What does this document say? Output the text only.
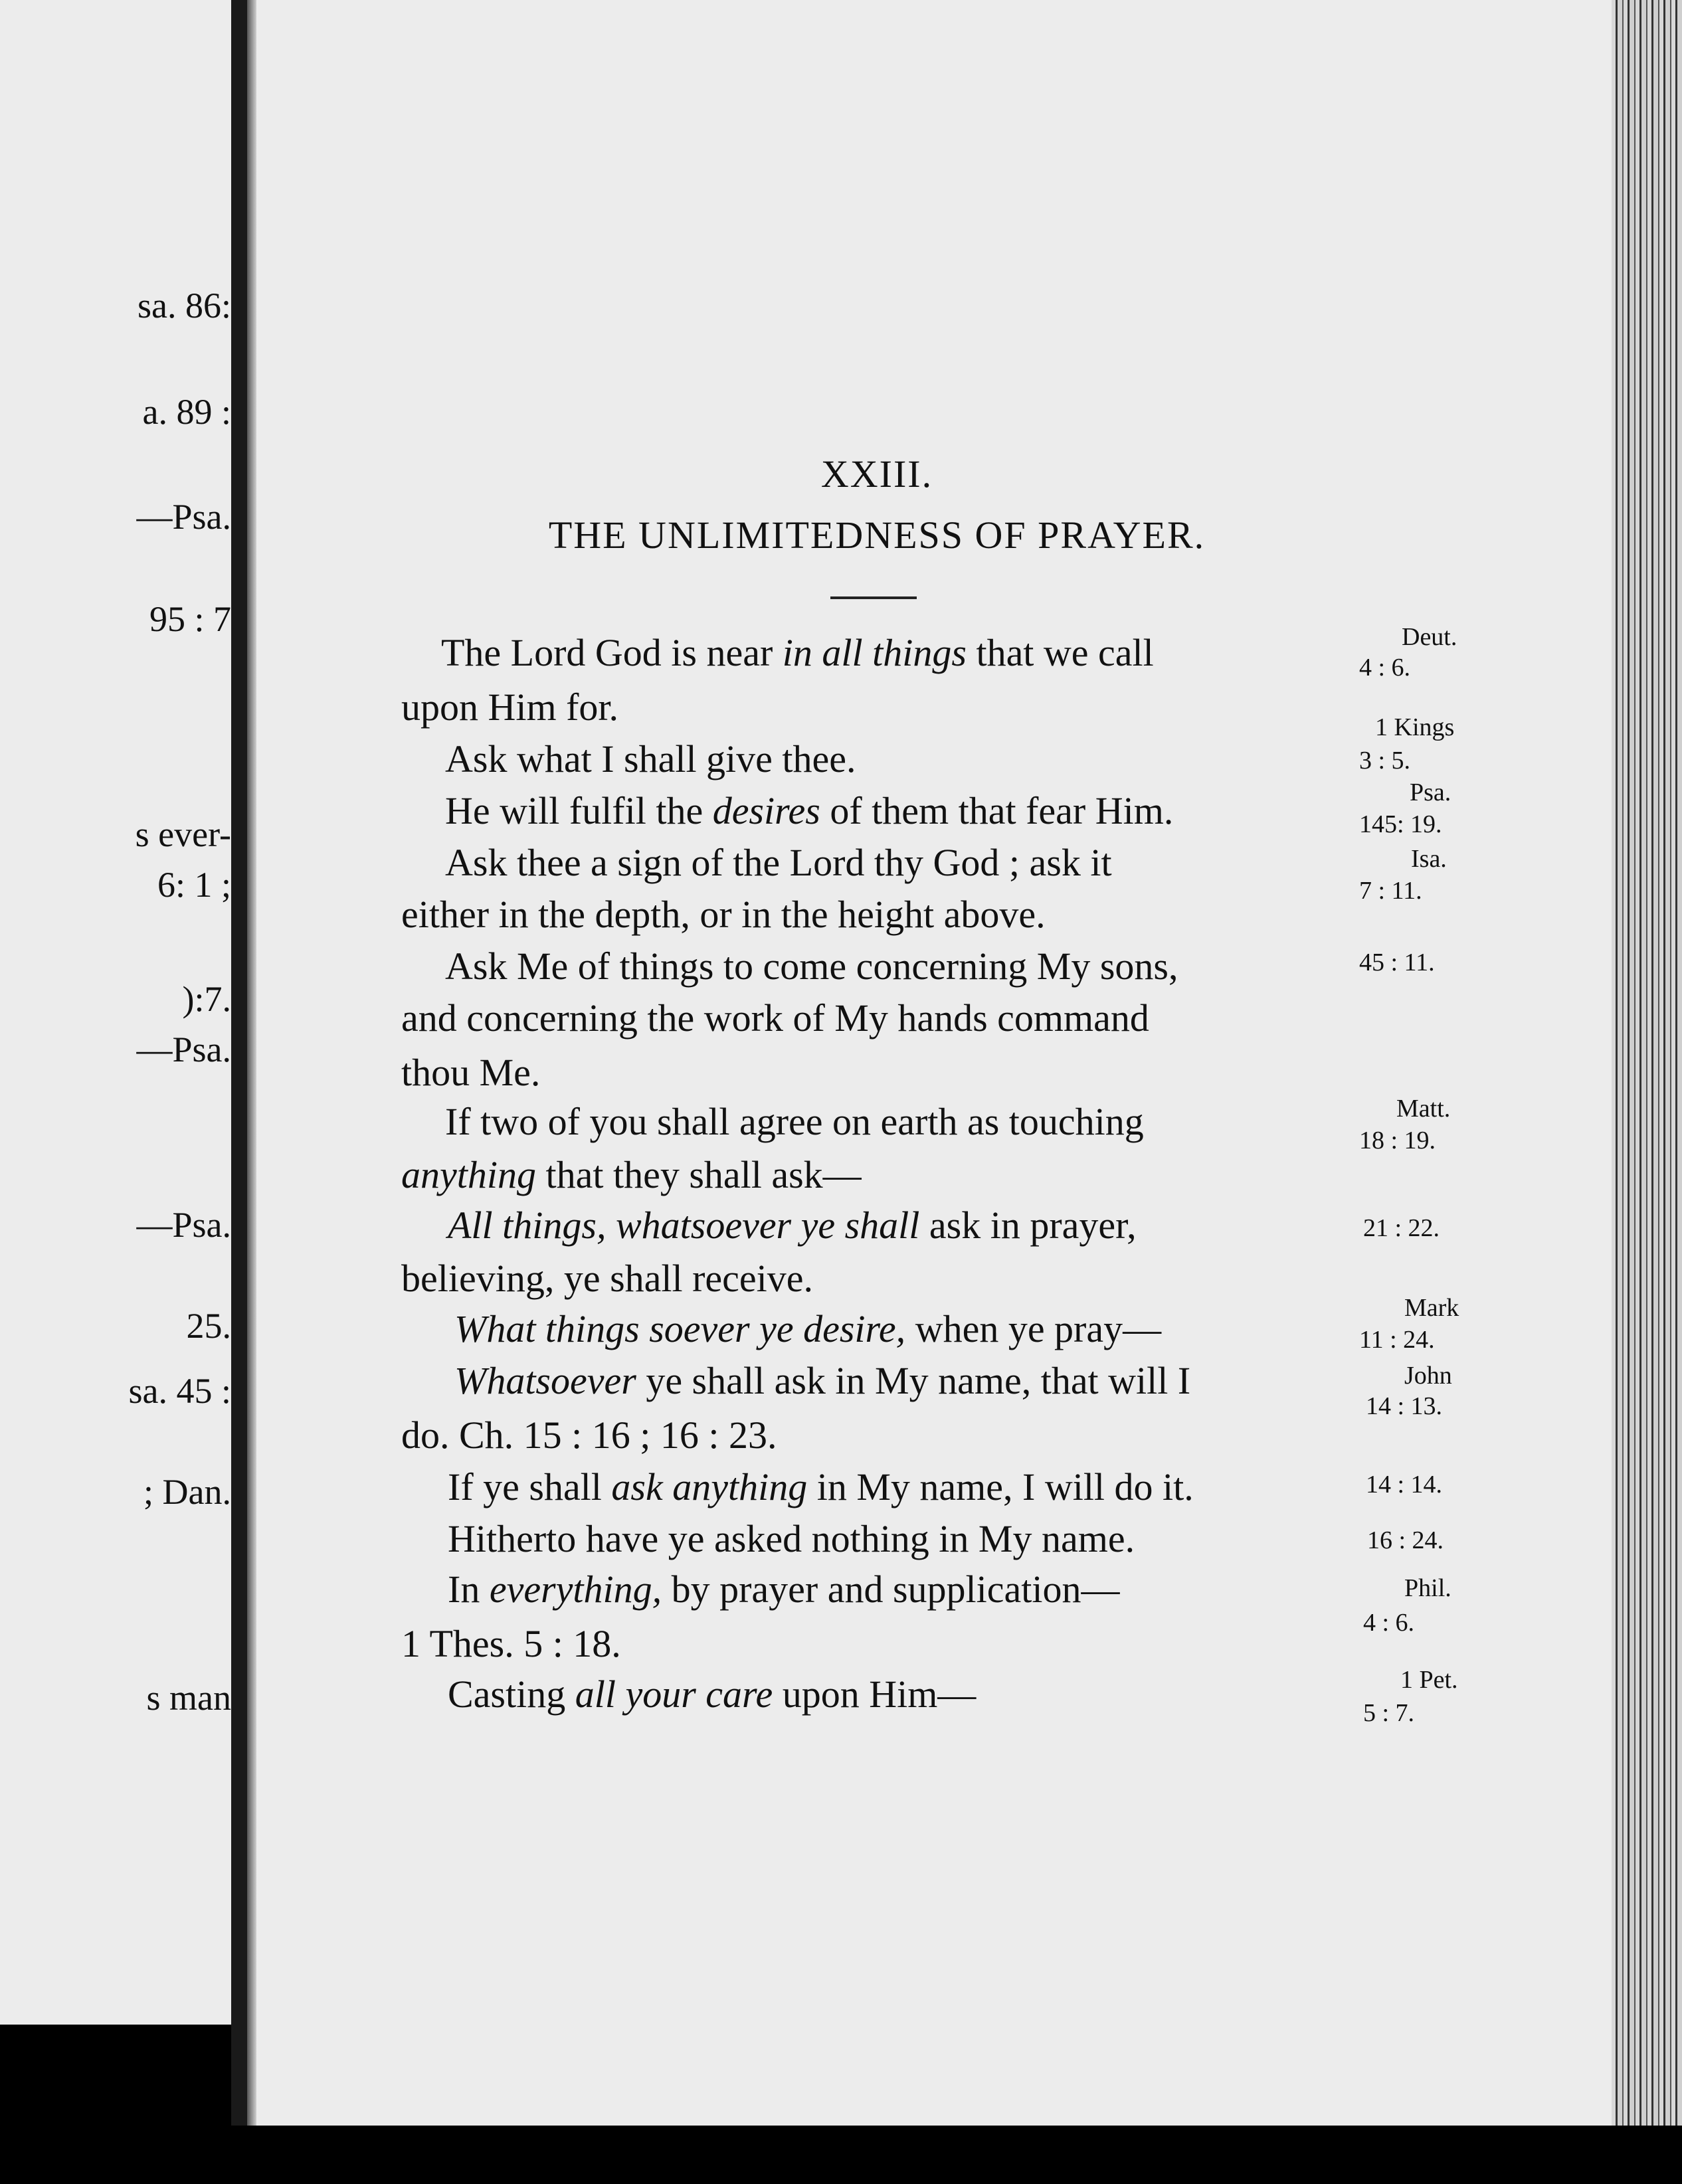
sa. 86:
a. 89 :
—Psa.
95 : 7
s ever-
6: 1 ;
):7.
—Psa.
—Psa.
25.
sa. 45 :
; Dan.
s man
XXIII.
THE UNLIMITEDNESS OF PRAYER.
The Lord God is near in all things that we call
upon Him for.
Ask what I shall give thee.
He will fulfil the desires of them that fear Him.
Ask thee a sign of the Lord thy God ; ask it
either in the depth, or in the height above.
Ask Me of things to come concerning My sons,
and concerning the work of My hands command
thou Me.
If two of you shall agree on earth as touching
anything that they shall ask—
All things, whatsoever ye shall ask in prayer,
believing, ye shall receive.
What things soever ye desire, when ye pray—
Whatsoever ye shall ask in My name, that will I
do. Ch. 15 : 16 ; 16 : 23.
If ye shall ask anything in My name, I will do it.
Hitherto have ye asked nothing in My name.
In everything, by prayer and supplication—
1 Thes. 5 : 18.
Casting all your care upon Him—
Deut.
4 : 6.
1 Kings
3 : 5.
Psa.
145: 19.
Isa.
7 : 11.
45 : 11.
Matt.
18 : 19.
21 : 22.
Mark
11 : 24.
John
14 : 13.
14 : 14.
16 : 24.
Phil.
4 : 6.
1 Pet.
5 : 7.
